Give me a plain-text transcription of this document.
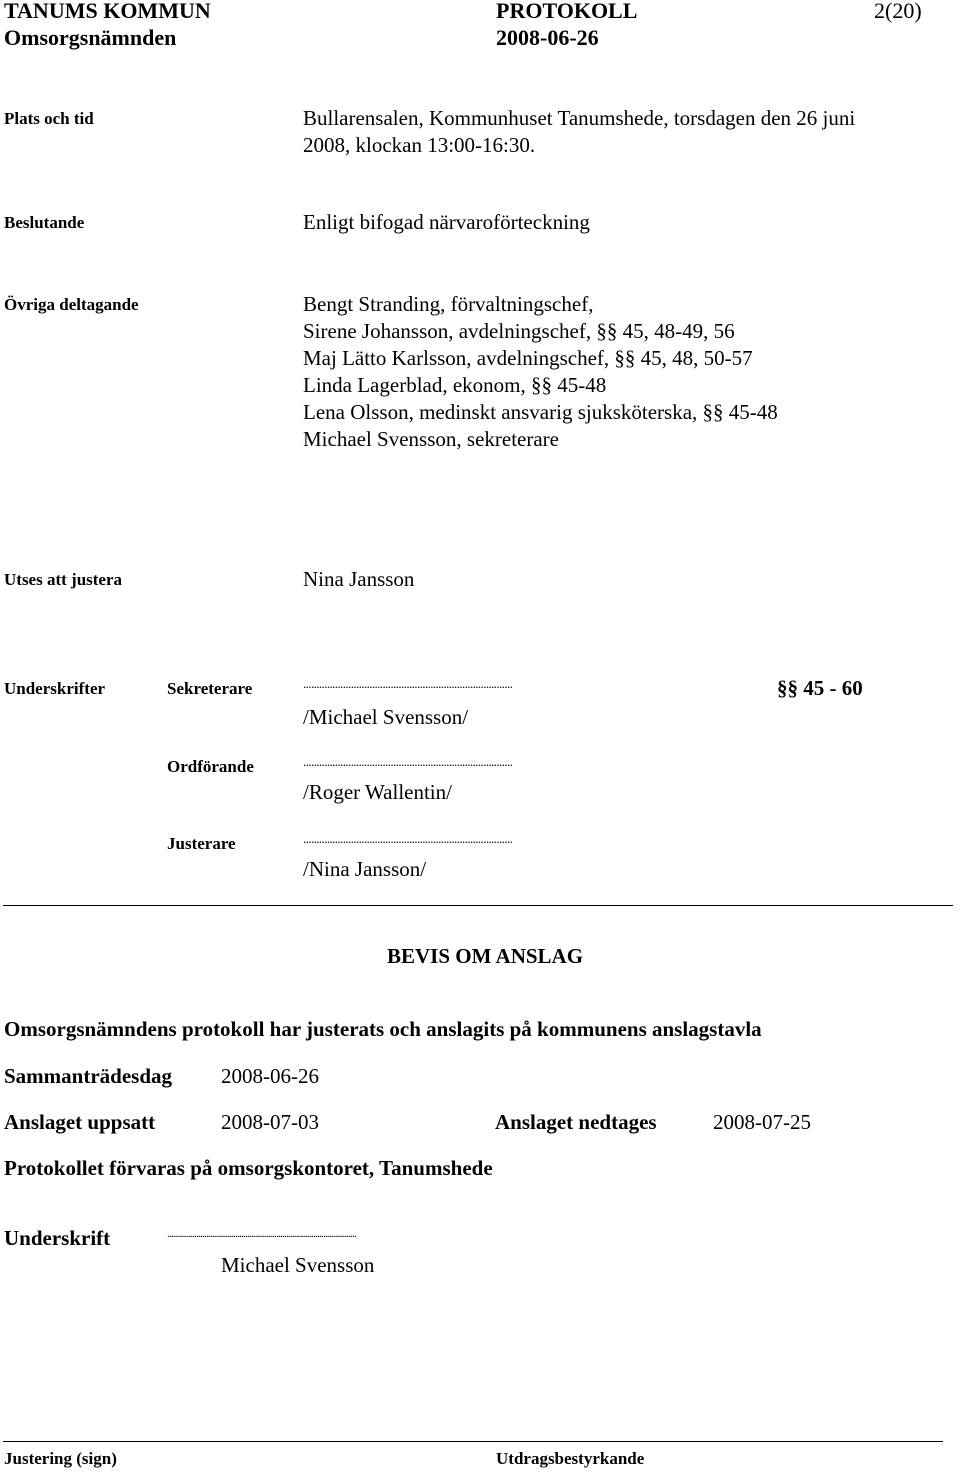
TANUMS KOMMUN	PROTOKOLL	2(20)
Omsorgsnämnden	2008-06-26
Plats och tid	Bullarensalen, Kommunhuset Tanumshede, torsdagen den 26 juni
2008, klockan 13:00-16:30.
Beslutande	Enligt bifogad närvaroförteckning
Övriga deltagande	Bengt Stranding, förvaltningschef,
Sirene Johansson, avdelningschef, §§ 45, 48-49, 56
Maj Lätto Karlsson, avdelningschef, §§ 45, 48, 50-57
Linda Lagerblad, ekonom, §§ 45-48
Lena Olsson, medinskt ansvarig sjuksköterska, §§ 45-48
Michael Svensson, sekreterare
Utses att justera	Nina Jansson
Underskrifter	Sekreterare	...............................................................................	§§ 45 - 60
/Michael Svensson/
Ordförande	...............................................................................
/Roger Wallentin/
Justerare	...............................................................................
/Nina Jansson/
BEVIS OM ANSLAG
Omsorgsnämndens protokoll har justerats och anslagits på kommunens anslagstavla
Sammanträdesdag 2008-06-26
Anslaget uppsatt	2008-07-03	Anslaget nedtages	2008-07-25
Protokollet förvaras på omsorgskontoret, Tanumshede
Underskrift	.................................................................................................
Michael Svensson
Justering (sign)	Utdragsbestyrkande
